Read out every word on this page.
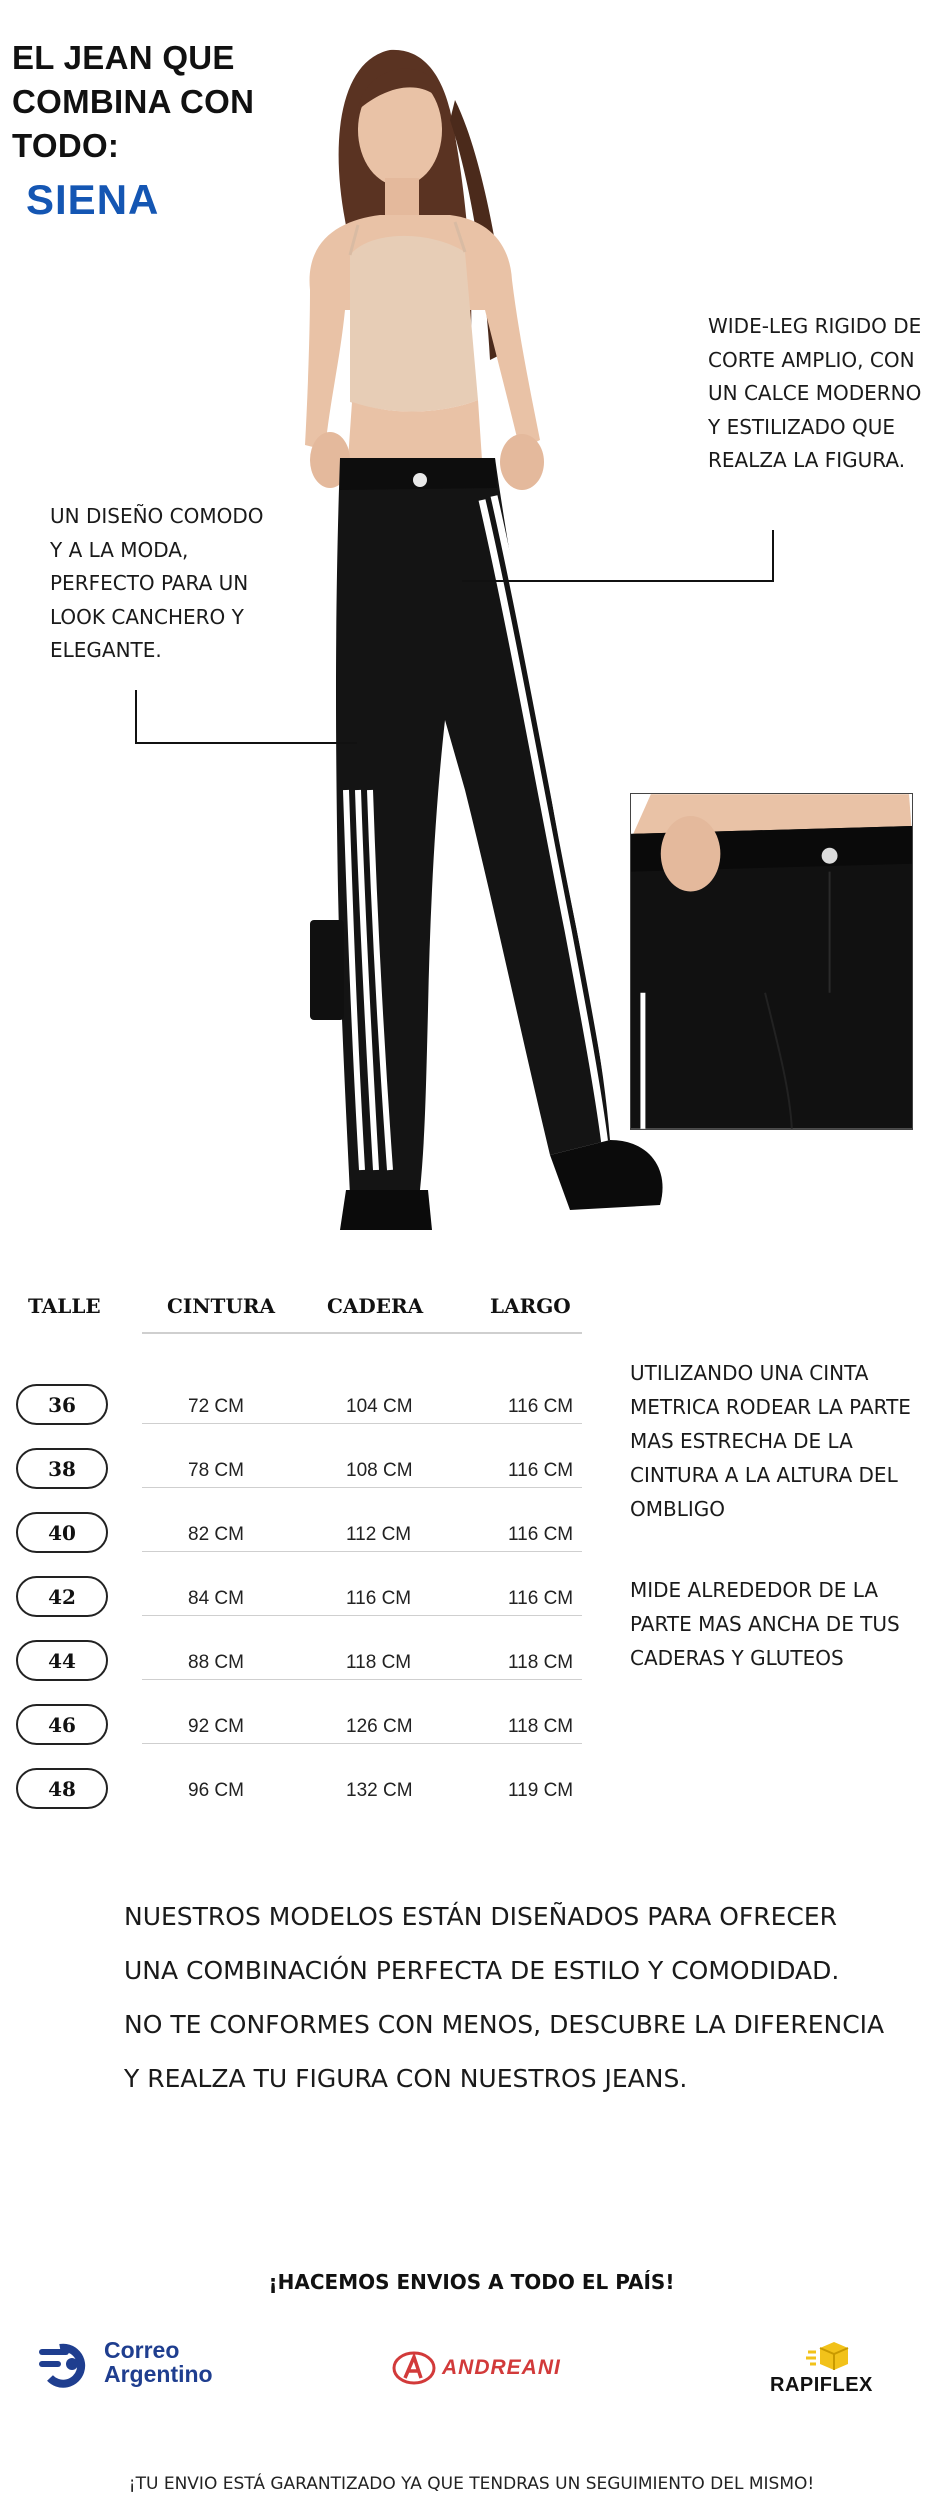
EL JEAN QUE
COMBINA CON
TODO:
SIENA
WIDE-LEG RIGIDO DE
CORTE AMPLIO, CON
UN CALCE MODERNO
Y ESTILIZADO QUE
REALZA LA FIGURA.
UN DISEÑO COMODO
Y A LA MODA,
PERFECTO PARA UN
LOOK CANCHERO Y
ELEGANTE.
TALLE	CINTURA	CADERA	LARGO
36	72 CM	104 CM	116 CM
38	78 CM	108 CM	116 CM
40	82 CM	112 CM	116 CM
42	84 CM	116 CM	116 CM
44	88 CM	118 CM	118 CM
46	92 CM	126 CM	118 CM
48	96 CM	132 CM	119 CM
UTILIZANDO UNA CINTA
METRICA RODEAR LA PARTE
MAS ESTRECHA DE LA
CINTURA A LA ALTURA DEL
OMBLIGO
MIDE ALREDEDOR DE LA
PARTE MAS ANCHA DE TUS
CADERAS Y GLUTEOS
NUESTROS MODELOS ESTÁN DISEÑADOS PARA OFRECER
UNA COMBINACIÓN PERFECTA DE ESTILO Y COMODIDAD.
NO TE CONFORMES CON MENOS, DESCUBRE LA DIFERENCIA
Y REALZA TU FIGURA CON NUESTROS JEANS.
¡HACEMOS ENVIOS A TODO EL PAÍS!
Correo
Argentino	ANDREANI
RAPIFLEX
¡TU ENVIO ESTÁ GARANTIZADO YA QUE TENDRAS UN SEGUIMIENTO DEL MISMO!
